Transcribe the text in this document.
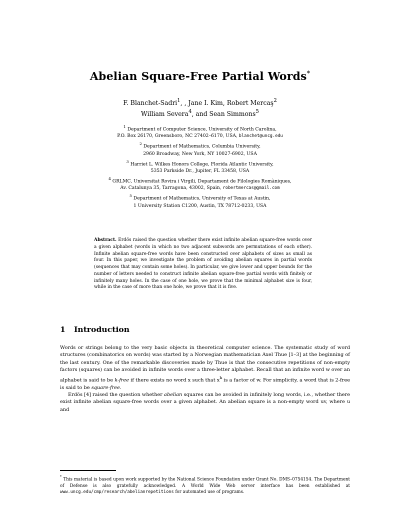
Abelian Square-Free Partial Words*
F. Blanchet-Sadri$^1$, , Jane I. Kim, Robert Mercaş$^2$
William Severa$^4$, and Sean Simmons$^5$
$^1$ Department of Computer Science, University of North Carolina,
P.O. Box 26170, Greensboro, NC 27402–6170, USA, blanchet@uncg.edu
$^2$ Department of Mathematics, Columbia University,
2960 Broadway, New York, NY 10027-6902, USA
$^3$ Harriet L. Wilkes Honors College, Florida Atlantic University,
5353 Parkside Dr., Jupiter, FL 33458, USA
$^4$ GRLMC, Universitat Rovira i Virgili, Departament de Filologies Romàniques,
Av. Catalunya 35, Tarragona, 43002, Spain, robertmercas@gmail.com
$^5$ Department of Mathematics, University of Texas at Austin,
1 University Station C1200, Austin, TX 78712-0233, USA
Abstract. Erdös raised the question whether there exist infinite abelian square-free words over a given alphabet (words in which no two adjacent subwords are permutations of each other). Infinite abelian square-free words have been constructed over alphabets of sizes as small as four. In this paper, we investigate the problem of avoiding abelian squares in partial words (sequences that may contain some holes). In particular, we give lower and upper bounds for the number of letters needed to construct infinite abelian square-free partial words with finitely or infinitely many holes. In the case of one hole, we prove that the minimal alphabet size is four, while in the case of more than one hole, we prove that it is five.
1 Introduction

Words or strings belong to the very basic objects in theoretical computer science. The systematic study of word structures (combinatorics on words) was started by a Norwegian mathematician Axel Thue [1–3] at the beginning of the last century. One of the remarkable discoveries made by Thue is that the consecutive repetitions of non-empty factors (squares) can be avoided in infinite words over a three-letter alphabet. Recall that an infinite word w over an alphabet is said to be k-free if there exists no word x such that $x^k$ is a factor of w. For simplicity, a word that is 2-free is said to be square-free.

Erdös [4] raised the question whether abelian squares can be avoided in infinitely long words, i.e., whether there exist infinite abelian square-free words over a given alphabet. An abelian square is a non-empty word uv, where u and

* This material is based upon work supported by the National Science Foundation under Grant No. DMS–0754154. The Department of Defense is also gratefully acknowledged. A World Wide Web server interface has been established at www.uncg.edu/cmp/research/abelianrepetitions for automated use of programs.
